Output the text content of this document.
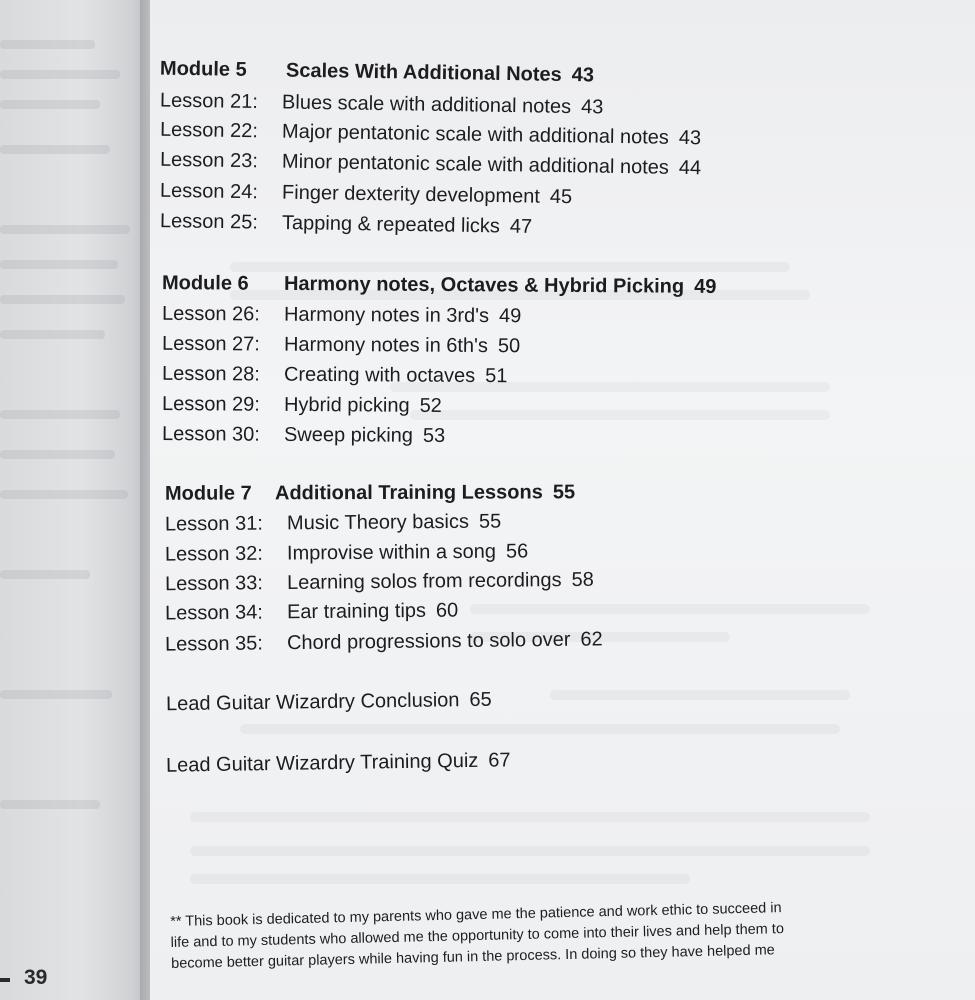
39
Module 5 Scales With Additional Notes 43
Lesson 21: Blues scale with additional notes 43
Lesson 22: Major pentatonic scale with additional notes 43
Lesson 23: Minor pentatonic scale with additional notes 44
Lesson 24: Finger dexterity development 45
Lesson 25: Tapping & repeated licks 47
Module 6 Harmony notes, Octaves & Hybrid Picking 49
Lesson 26: Harmony notes in 3rd's 49
Lesson 27: Harmony notes in 6th's 50
Lesson 28: Creating with octaves 51
Lesson 29: Hybrid picking 52
Lesson 30: Sweep picking 53
Module 7 Additional Training Lessons 55
Lesson 31: Music Theory basics 55
Lesson 32: Improvise within a song 56
Lesson 33: Learning solos from recordings 58
Lesson 34: Ear training tips 60
Lesson 35: Chord progressions to solo over 62
Lead Guitar Wizardry Conclusion 65
Lead Guitar Wizardry Training Quiz 67
** This book is dedicated to my parents who gave me the patience and work ethic to succeed in
life and to my students who allowed me the opportunity to come into their lives and help them to
become better guitar players while having fun in the process. In doing so they have helped me
